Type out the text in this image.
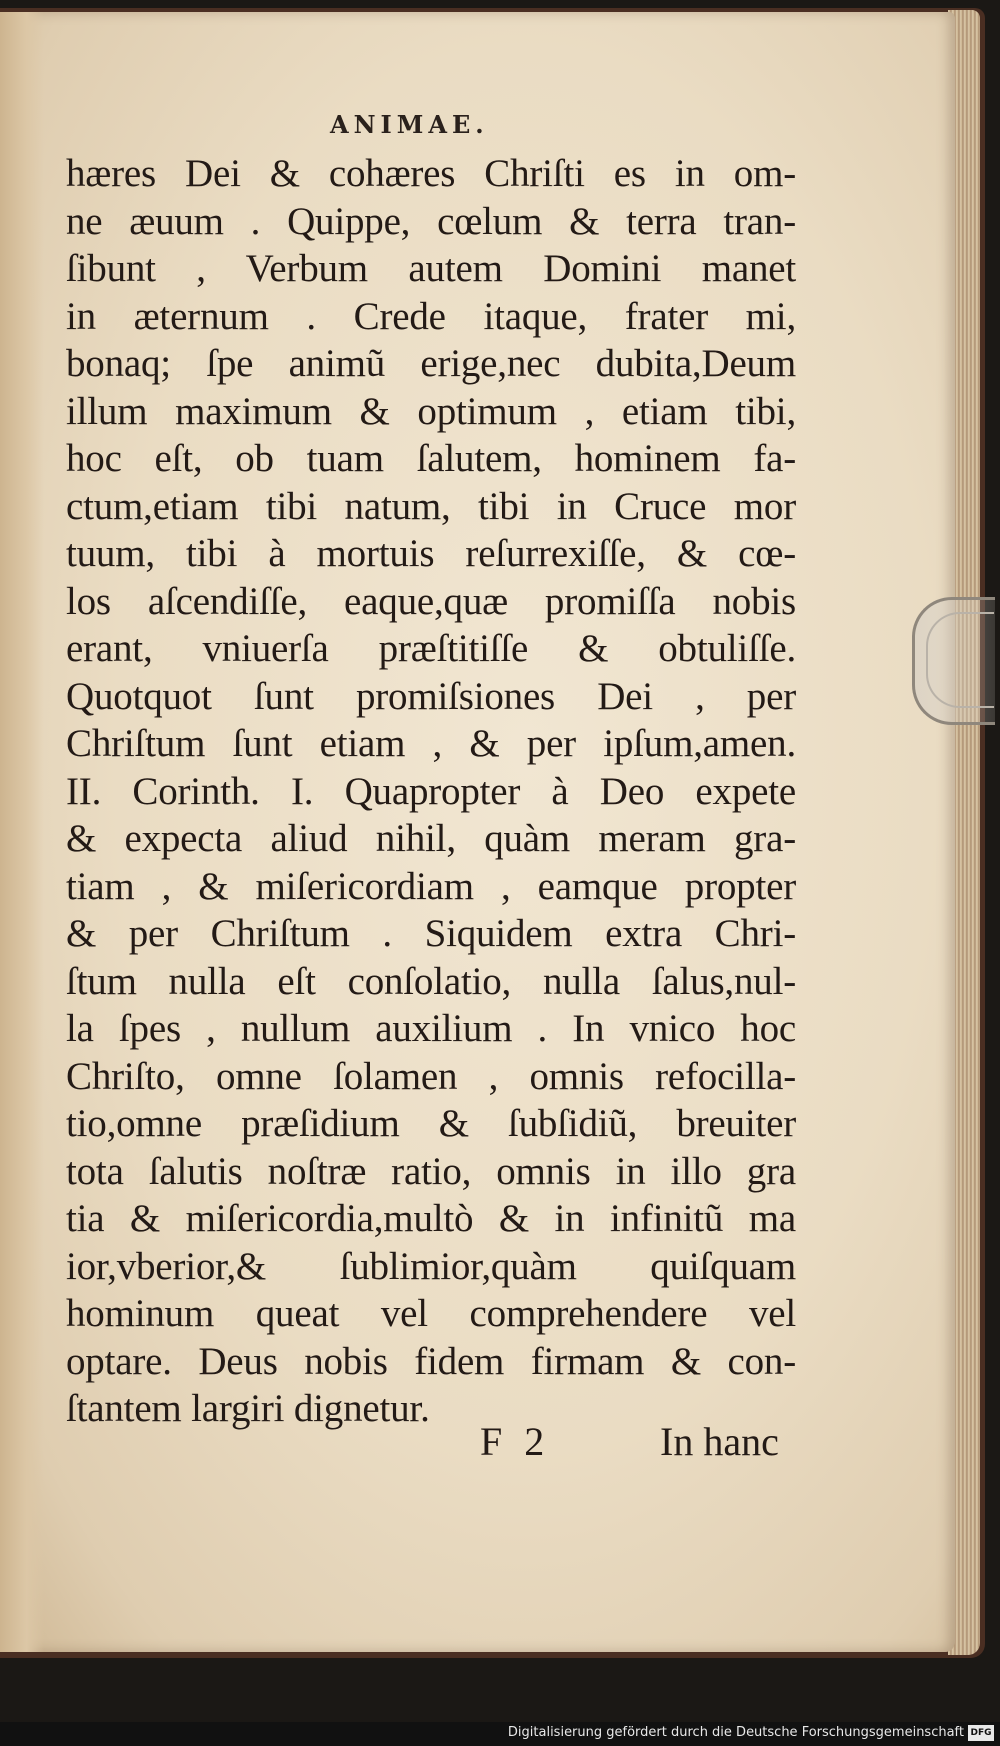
ANIMAE.
hæres Dei & cohæres Chriſti es in om-
ne æuum . Quippe, cœlum & terra tran-
ſibunt , Verbum autem Domini manet
in æternum . Crede itaque, frater mi,
bonaq; ſpe animũ erige,nec dubita,Deum
illum maximum & optimum , etiam tibi,
hoc eſt, ob tuam ſalutem, hominem fa-
ctum,etiam tibi natum, tibi in Cruce mor
tuum, tibi à mortuis reſurrexiſſe, & cœ-
los aſcendiſſe, eaque,quæ promiſſa nobis
erant, vniuerſa præſtitiſſe & obtuliſſe.
Quotquot ſunt promiſsiones Dei , per
Chriſtum ſunt etiam , & per ipſum,amen.
II. Corinth. I. Quapropter à Deo expete
& expecta aliud nihil, quàm meram gra-
tiam , & miſericordiam , eamque propter
& per Chriſtum . Siquidem extra Chri-
ſtum nulla eſt conſolatio, nulla ſalus,nul-
la ſpes , nullum auxilium . In vnico hoc
Chriſto, omne ſolamen , omnis refocilla-
tio,omne præſidium & ſubſidiũ, breuiter
tota ſalutis noſtræ ratio, omnis in illo gra
tia & miſericordia,multò & in infinitũ ma
ior,vberior,& ſublimior,quàm quiſquam
hominum queat vel comprehendere vel
optare. Deus nobis fidem firmam & con-
ſtantem largiri dignetur.
F 2	In hanc
Digitalisierung gefördert durch die Deutsche Forschungsgemeinschaft DFG
